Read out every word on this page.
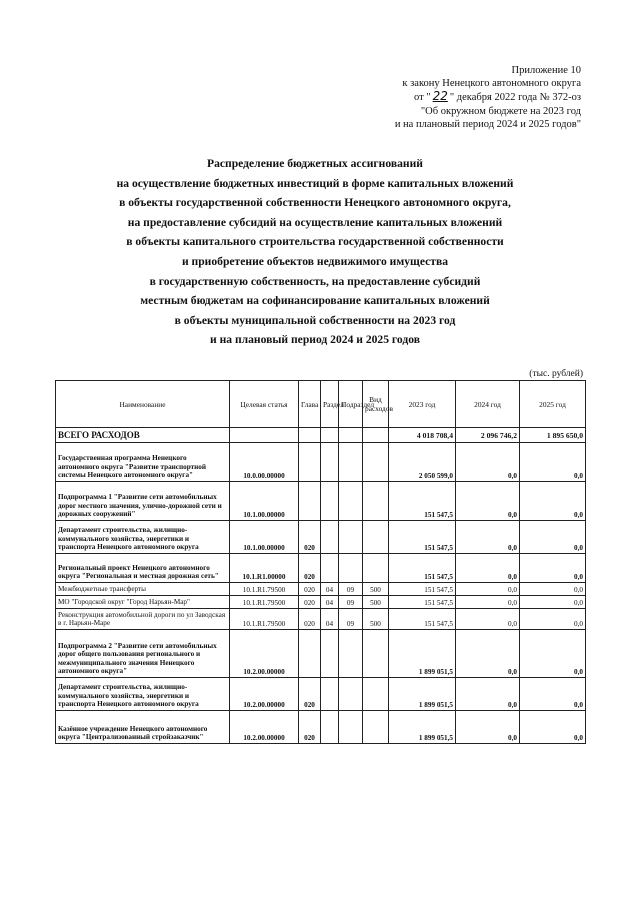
Приложение 10
к закону Ненецкого автономного округа
от " 22 " декабря 2022 года № 372-оз
"Об окружном бюджете на 2023 год
и на плановый период 2024 и 2025 годов"
Распределение бюджетных ассигнований
на осуществление бюджетных инвестиций в форме капитальных вложений
в объекты государственной собственности Ненецкого автономного округа,
на предоставление субсидий на осуществление капитальных вложений
в объекты капитального строительства государственной собственности
и приобретение объектов недвижимого имущества
в государственную собственность, на предоставление субсидий
местным бюджетам на софинансирование капитальных вложений
в объекты муниципальной собственности на 2023 год
и на плановый период 2024 и 2025 годов
(тыс. рублей)
Наименование	Целевая статья	Глава	Раздел	Подраздел	Вид расходов	2023 год	2024 год	2025 год
ВСЕГО РАСХОДОВ						4 018 708,4	2 096 746,2	1 895 650,0
Государственная программа Ненецкого автономного округа "Развитие транспортной системы Ненецкого автономного округа"	10.0.00.00000					2 050 599,0	0,0	0,0
Подпрограмма 1 "Развитие сети автомобильных дорог местного значения, улично-дорожной сети и дорожных сооружений"	10.1.00.00000					151 547,5	0,0	0,0
Департамент строительства, жилищно-коммунального хозяйства, энергетики и транспорта Ненецкого автономного округа	10.1.00.00000	020				151 547,5	0,0	0,0
Региональный проект Ненецкого автономного округа "Региональная и местная дорожная сеть"	10.1.R1.00000	020				151 547,5	0,0	0,0
Межбюджетные трансферты	10.1.R1.79500	020	04	09	500	151 547,5	0,0	0,0
МО "Городской округ "Город Нарьян-Мар"	10.1.R1.79500	020	04	09	500	151 547,5	0,0	0,0
Реконструкция автомобильной дороги по ул Заводская в г. Нарьян-Маре	10.1.R1.79500	020	04	09	500	151 547,5	0,0	0,0
Подпрограмма 2 "Развитие сети автомобильных дорог общего пользования регионального и межмуниципального значения Ненецкого автономного округа"	10.2.00.00000					1 899 051,5	0,0	0,0
Департамент строительства, жилищно-коммунального хозяйства, энергетики и транспорта Ненецкого автономного округа	10.2.00.00000	020				1 899 051,5	0,0	0,0
Казённое учреждение Ненецкого автономного округа "Централизованный стройзаказчик"	10.2.00.00000	020				1 899 051,5	0,0	0,0
